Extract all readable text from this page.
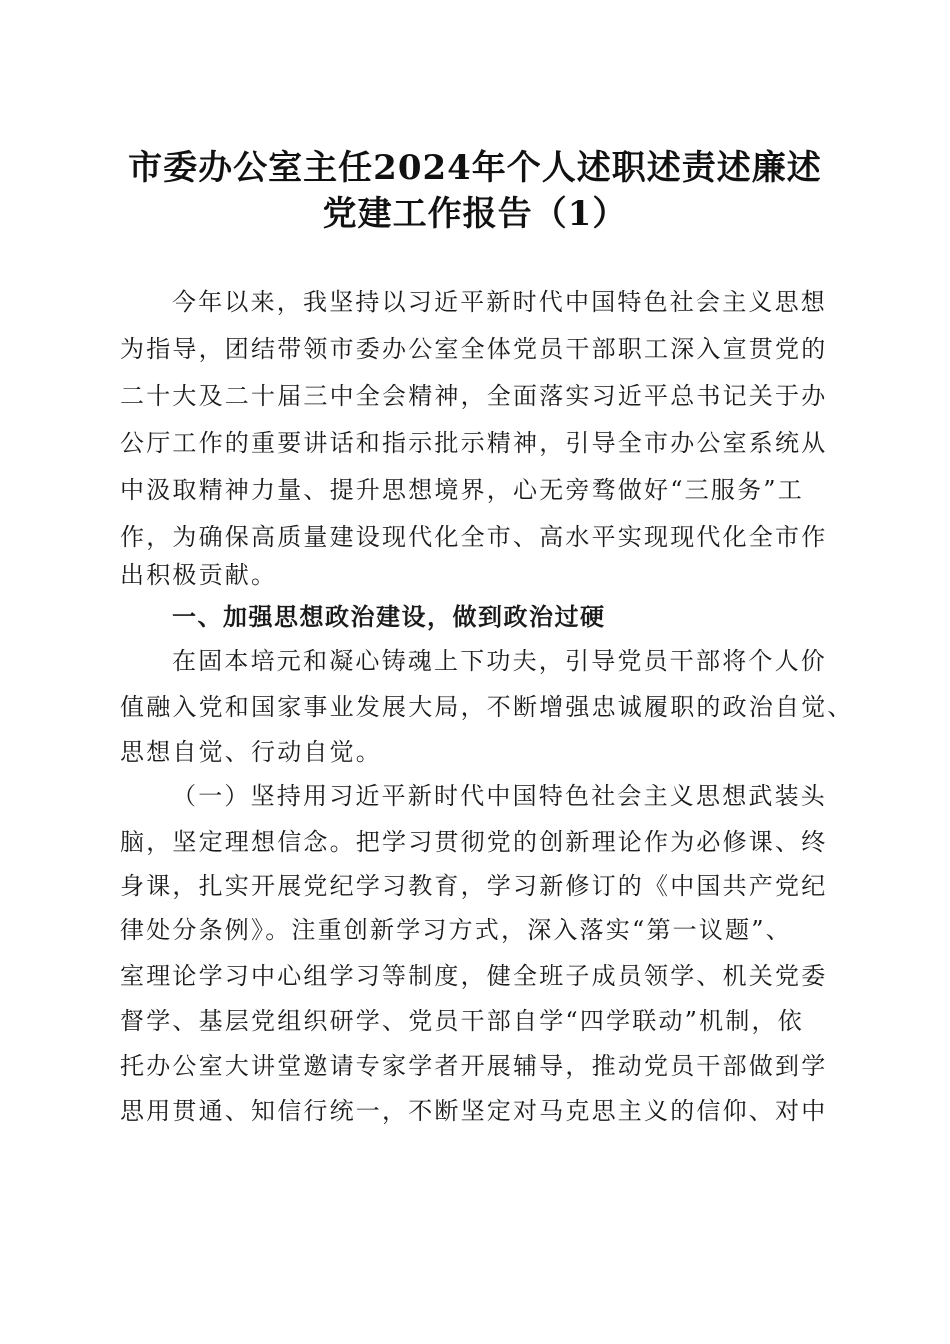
市委办公室主任2024年个人述职述责述廉述
党建工作报告（1）
今年以来，我坚持以习近平新时代中国特色社会主义思想
为指导，团结带领市委办公室全体党员干部职工深入宣贯党的
二十大及二十届三中全会精神，全面落实习近平总书记关于办
公厅工作的重要讲话和指示批示精神，引导全市办公室系统从
中汲取精神力量、提升思想境界，心无旁骛做好“三服务”工
作，为确保高质量建设现代化全市、高水平实现现代化全市作
出积极贡献。
一、加强思想政治建设，做到政治过硬
在固本培元和凝心铸魂上下功夫，引导党员干部将个人价
值融入党和国家事业发展大局，不断增强忠诚履职的政治自觉、
思想自觉、行动自觉。
（一）坚持用习近平新时代中国特色社会主义思想武装头
脑，坚定理想信念。把学习贯彻党的创新理论作为必修课、终
身课，扎实开展党纪学习教育，学习新修订的《中国共产党纪
律处分条例》。注重创新学习方式，深入落实“第一议题”、
室理论学习中心组学习等制度，健全班子成员领学、机关党委
督学、基层党组织研学、党员干部自学“四学联动”机制，依
托办公室大讲堂邀请专家学者开展辅导，推动党员干部做到学
思用贯通、知信行统一，不断坚定对马克思主义的信仰、对中
